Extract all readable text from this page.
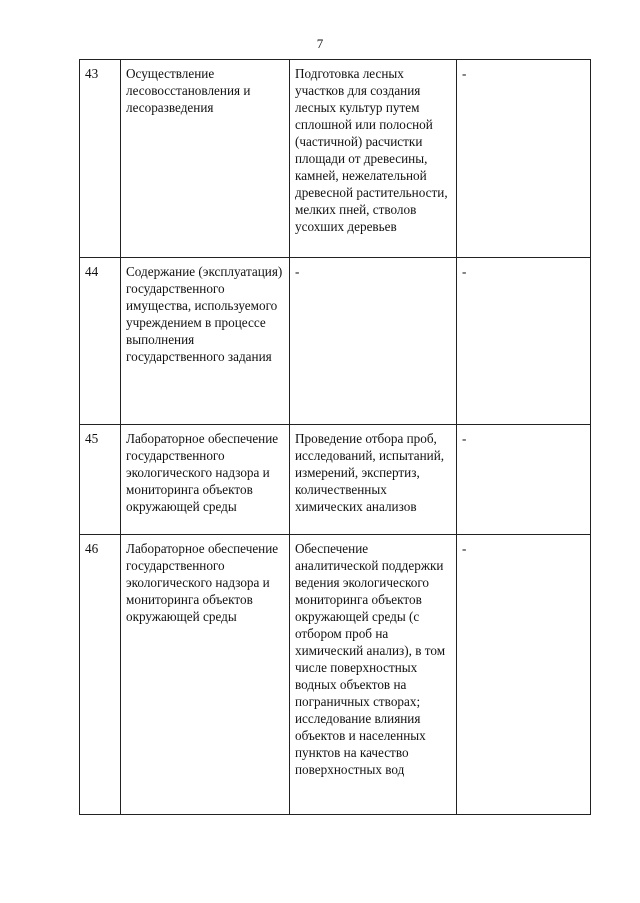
7
43	Осуществление лесовосстановления и лесоразведения	Подготовка лесных участков для создания лесных культур путем сплошной или полосной (частичной) расчистки площади от древесины, камней, нежелательной древесной растительности, мелких пней, стволов усохших деревьев	-
44	Содержание (эксплуатация) государственного имущества, используемого учреждением в процессе выполнения государственного задания	-	-
45	Лабораторное обеспечение государственного экологического надзора и мониторинга объектов окружающей среды	Проведение отбора проб, исследований, испытаний, измерений, экспертиз, количественных химических анализов	-
46	Лабораторное обеспечение государственного экологического надзора и мониторинга объектов окружающей среды	Обеспечение аналитической поддержки ведения экологического мониторинга объектов окружающей среды (с отбором проб на химический анализ), в том числе поверхностных водных объектов на пограничных створах; исследование влияния объектов и населенных пунктов на качество поверхностных вод	-
